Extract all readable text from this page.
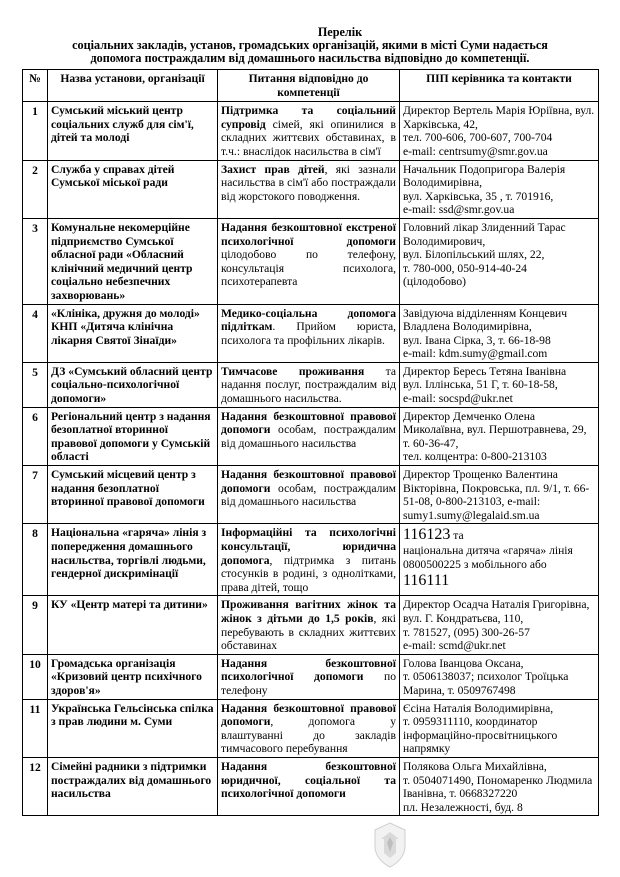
Перелік
соціальних закладів, установ, громадських організацій, якими в місті Суми надається
допомога постраждалим від домашнього насильства відповідно до компетенції.
№	Назва установи, організації	Питання відповідно до компетенції	ПІП керівника та контакти
1	Сумський міський центр соціальних служб для сім'ї, дітей та молоді	Підтримка та соціальний супровід сімей, які опинилися в складних життєвих обставинах, в т.ч.: внаслідок насильства в сім'ї	Директор Вертель Марія Юріївна, вул. Харківська, 42,
тел. 700-606, 700-607, 700-704
e-mail: centrsumy@smr.gov.ua

2	Служба у справах дітей Сумської міської ради	Захист прав дітей, які зазнали насильства в сім'ї або постраждали від жорстокого поводження.	Начальник Подопригора Валерія Володимирівна,
вул. Харківська, 35 , т. 701916,
e-mail: ssd@smr.gov.ua

3	Комунальне некомерційне підприємство Сумської обласної ради «Обласний клінічний медичний центр соціально небезпечних захворювань»	Надання безкоштовної екстреної психологічної допомоги цілодобово по телефону, консультація психолога, психотерапевта	Головний лікар Злиденний Тарас Володимирович,
вул. Білопільський шлях, 22,
т. 780-000, 050-914-40-24
(цілодобово)

4	«Клініка, дружня до молоді» КНП «Дитяча клінічна лікарня Святої Зінаїди»	Медико-соціальна допомога підліткам. Прийом юриста, психолога та профільних лікарів.	Завідуюча відділенням Концевич Владлена Володимирівна,
вул. Івана Сірка, 3, т. 66-18-98
e-mail: kdm.sumy@gmail.com

5	ДЗ «Сумський обласний центр соціально-психологічної допомоги»	Тимчасове проживання та надання послуг, постраждалим від домашнього насильства.	Директор Бересь Тетяна Іванівна
вул. Іллінська, 51 Г, т. 60-18-58,
e-mail: socspd@ukr.net

6	Регіональний центр з надання безоплатної вторинної правової допомоги у Сумській області	Надання безкоштовної правової допомоги особам, постраждалим від домашнього насильства	Директор Демченко Олена Миколаївна, вул. Першотравнева, 29, т. 60-36-47,
тел. колцентра: 0-800-213103

7	Сумський місцевий центр з надання безоплатної вторинної правової допомоги	Надання безкоштовної правової допомоги особам, постраждалим від домашнього насильства	Директор Трощенко Валентина Вікторівна, Покровська, пл. 9/1, т. 66-51-08, 0-800-213103, e-mail: sumy1.sumy@legalaid.sm.ua

8	Національна «гаряча» лінія з попередження домашнього насильства, торгівлі людьми, гендерної дискримінації	Інформаційні та психологічні консультації, юридична допомога, підтримка з питань стосунків в родині, з однолітками, права дітей, тощо	116123 та
національна дитяча «гаряча» лінія 0800500225 з мобільного або 116111

9	КУ «Центр матері та дитини»	Проживання вагітних жінок та жінок з дітьми до 1,5 років, які перебувають в складних життєвих обставинах	Директор Осадча Наталія Григорівна,
вул. Г. Кондратьєва, 110,
т. 781527, (095) 300-26-57
e-mail: scmd@ukr.net

10	Громадська організація «Кризовий центр психічного здоров'я»	Надання безкоштовної психологічної допомоги по телефону	Голова Іванцова Оксана,
т. 0506138037; психолог Троїцька Марина, т. 0509767498

11	Українська Гельсінська спілка з прав людини м. Суми	Надання безкоштовної правової допомоги, допомога у влаштуванні до закладів тимчасового перебування	Єсіна Наталія Володимирівна,
т. 0959311110, координатор інформаційно-просвітницького напрямку

12	Сімейні радники з підтримки постраждалих від домашнього насильства	Надання безкоштовної юридичної, соціальної та психологічної допомоги	Полякова Ольга Михайлівна,
т. 0504071490, Пономаренко Людмила Іванівна, т. 0668327220
пл. Незалежності, буд. 8
